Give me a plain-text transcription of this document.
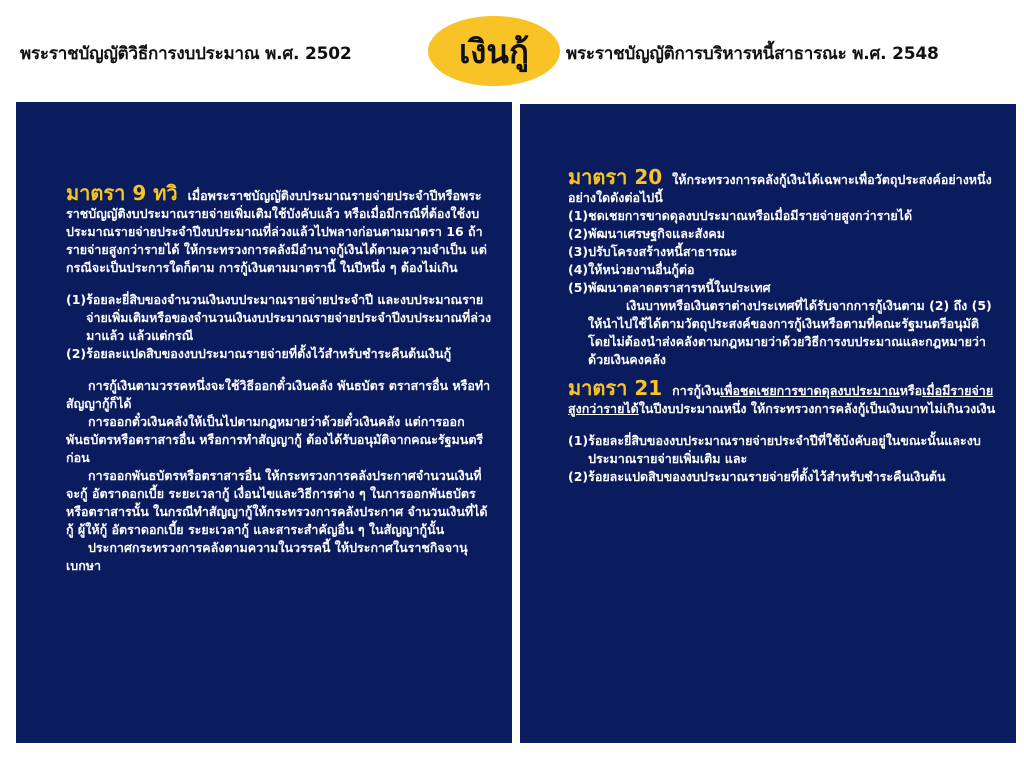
พระราชบัญญัติวิธีการงบประมาณ พ.ศ. 2502	เงินกู้	พระราชบัญญัติการบริหารหนี้สาธารณะ พ.ศ. 2548

มาตรา 9 ทวิ เมื่อพระราชบัญญัติงบประมาณรายจ่ายประจำปีหรือพระราชบัญญัติงบประมาณรายจ่ายเพิ่มเติมใช้บังคับแล้ว หรือเมื่อมีกรณีที่ต้องใช้งบประมาณรายจ่ายประจำปีงบประมาณที่ล่วงแล้วไปพลางก่อนตามมาตรา 16 ถ้ารายจ่ายสูงกว่ารายได้ ให้กระทรวงการคลังมีอำนาจกู้เงินได้ตามความจำเป็น แต่กรณีจะเป็นประการใดก็ตาม การกู้เงินตามมาตรานี้ ในปีหนึ่ง ๆ ต้องไม่เกิน

(1) ร้อยละยี่สิบของจำนวนเงินงบประมาณรายจ่ายประจำปี และงบประมาณรายจ่ายเพิ่มเติมหรือของจำนวนเงินงบประมาณรายจ่ายประจำปีงบประมาณที่ล่วงมาแล้ว แล้วแต่กรณี
(2) ร้อยละแปดสิบของงบประมาณรายจ่ายที่ตั้งไว้สำหรับชำระคืนต้นเงินกู้

การกู้เงินตามวรรคหนึ่งจะใช้วิธีออกตั๋วเงินคลัง พันธบัตร ตราสารอื่น หรือทำสัญญากู้ก็ได้

การออกตั๋วเงินคลังให้เป็นไปตามกฎหมายว่าด้วยตั๋วเงินคลัง แต่การออกพันธบัตรหรือตราสารอื่น หรือการทำสัญญากู้ ต้องได้รับอนุมัติจากคณะรัฐมนตรีก่อน

การออกพันธบัตรหรือตราสารอื่น ให้กระทรวงการคลังประกาศจำนวนเงินที่จะกู้ อัตราดอกเบี้ย ระยะเวลากู้ เงื่อนไขและวิธีการต่าง ๆ ในการออกพันธบัตรหรือตราสารนั้น ในกรณีทำสัญญากู้ให้กระทรวงการคลังประกาศ จำนวนเงินที่ได้กู้ ผู้ให้กู้ อัตราดอกเบี้ย ระยะเวลากู้ และสาระสำคัญอื่น ๆ ในสัญญากู้นั้น

ประกาศกระทรวงการคลังตามความในวรรคนี้ ให้ประกาศในราชกิจจานุเบกษา

มาตรา 20 ให้กระทรวงการคลังกู้เงินได้เฉพาะเพื่อวัตถุประสงค์อย่างหนึ่งอย่างใดดังต่อไปนี้

(1) ชดเชยการขาดดุลงบประมาณหรือเมื่อมีรายจ่ายสูงกว่ารายได้
(2) พัฒนาเศรษฐกิจและสังคม
(3) ปรับโครงสร้างหนี้สาธารณะ
(4) ให้หน่วยงานอื่นกู้ต่อ
(5) พัฒนาตลาดตราสารหนี้ในประเทศ

เงินบาทหรือเงินตราต่างประเทศที่ได้รับจากการกู้เงินตาม (2) ถึง (5) ให้นำไปใช้ได้ตามวัตถุประสงค์ของการกู้เงินหรือตามที่คณะรัฐมนตรีอนุมัติโดยไม่ต้องนำส่งคลังตามกฎหมายว่าด้วยวิธีการงบประมาณและกฎหมายว่าด้วยเงินคงคลัง

มาตรา 21 การกู้เงินเพื่อชดเชยการขาดดุลงบประมาณหรือเมื่อมีรายจ่ายสูงกว่ารายได้ในปีงบประมาณหนึ่ง ให้กระทรวงการคลังกู้เป็นเงินบาทไม่เกินวงเงิน

(1) ร้อยละยี่สิบของงบประมาณรายจ่ายประจำปีที่ใช้บังคับอยู่ในขณะนั้นและงบประมาณรายจ่ายเพิ่มเติม และ
(2) ร้อยละแปดสิบของงบประมาณรายจ่ายที่ตั้งไว้สำหรับชำระคืนเงินต้น
